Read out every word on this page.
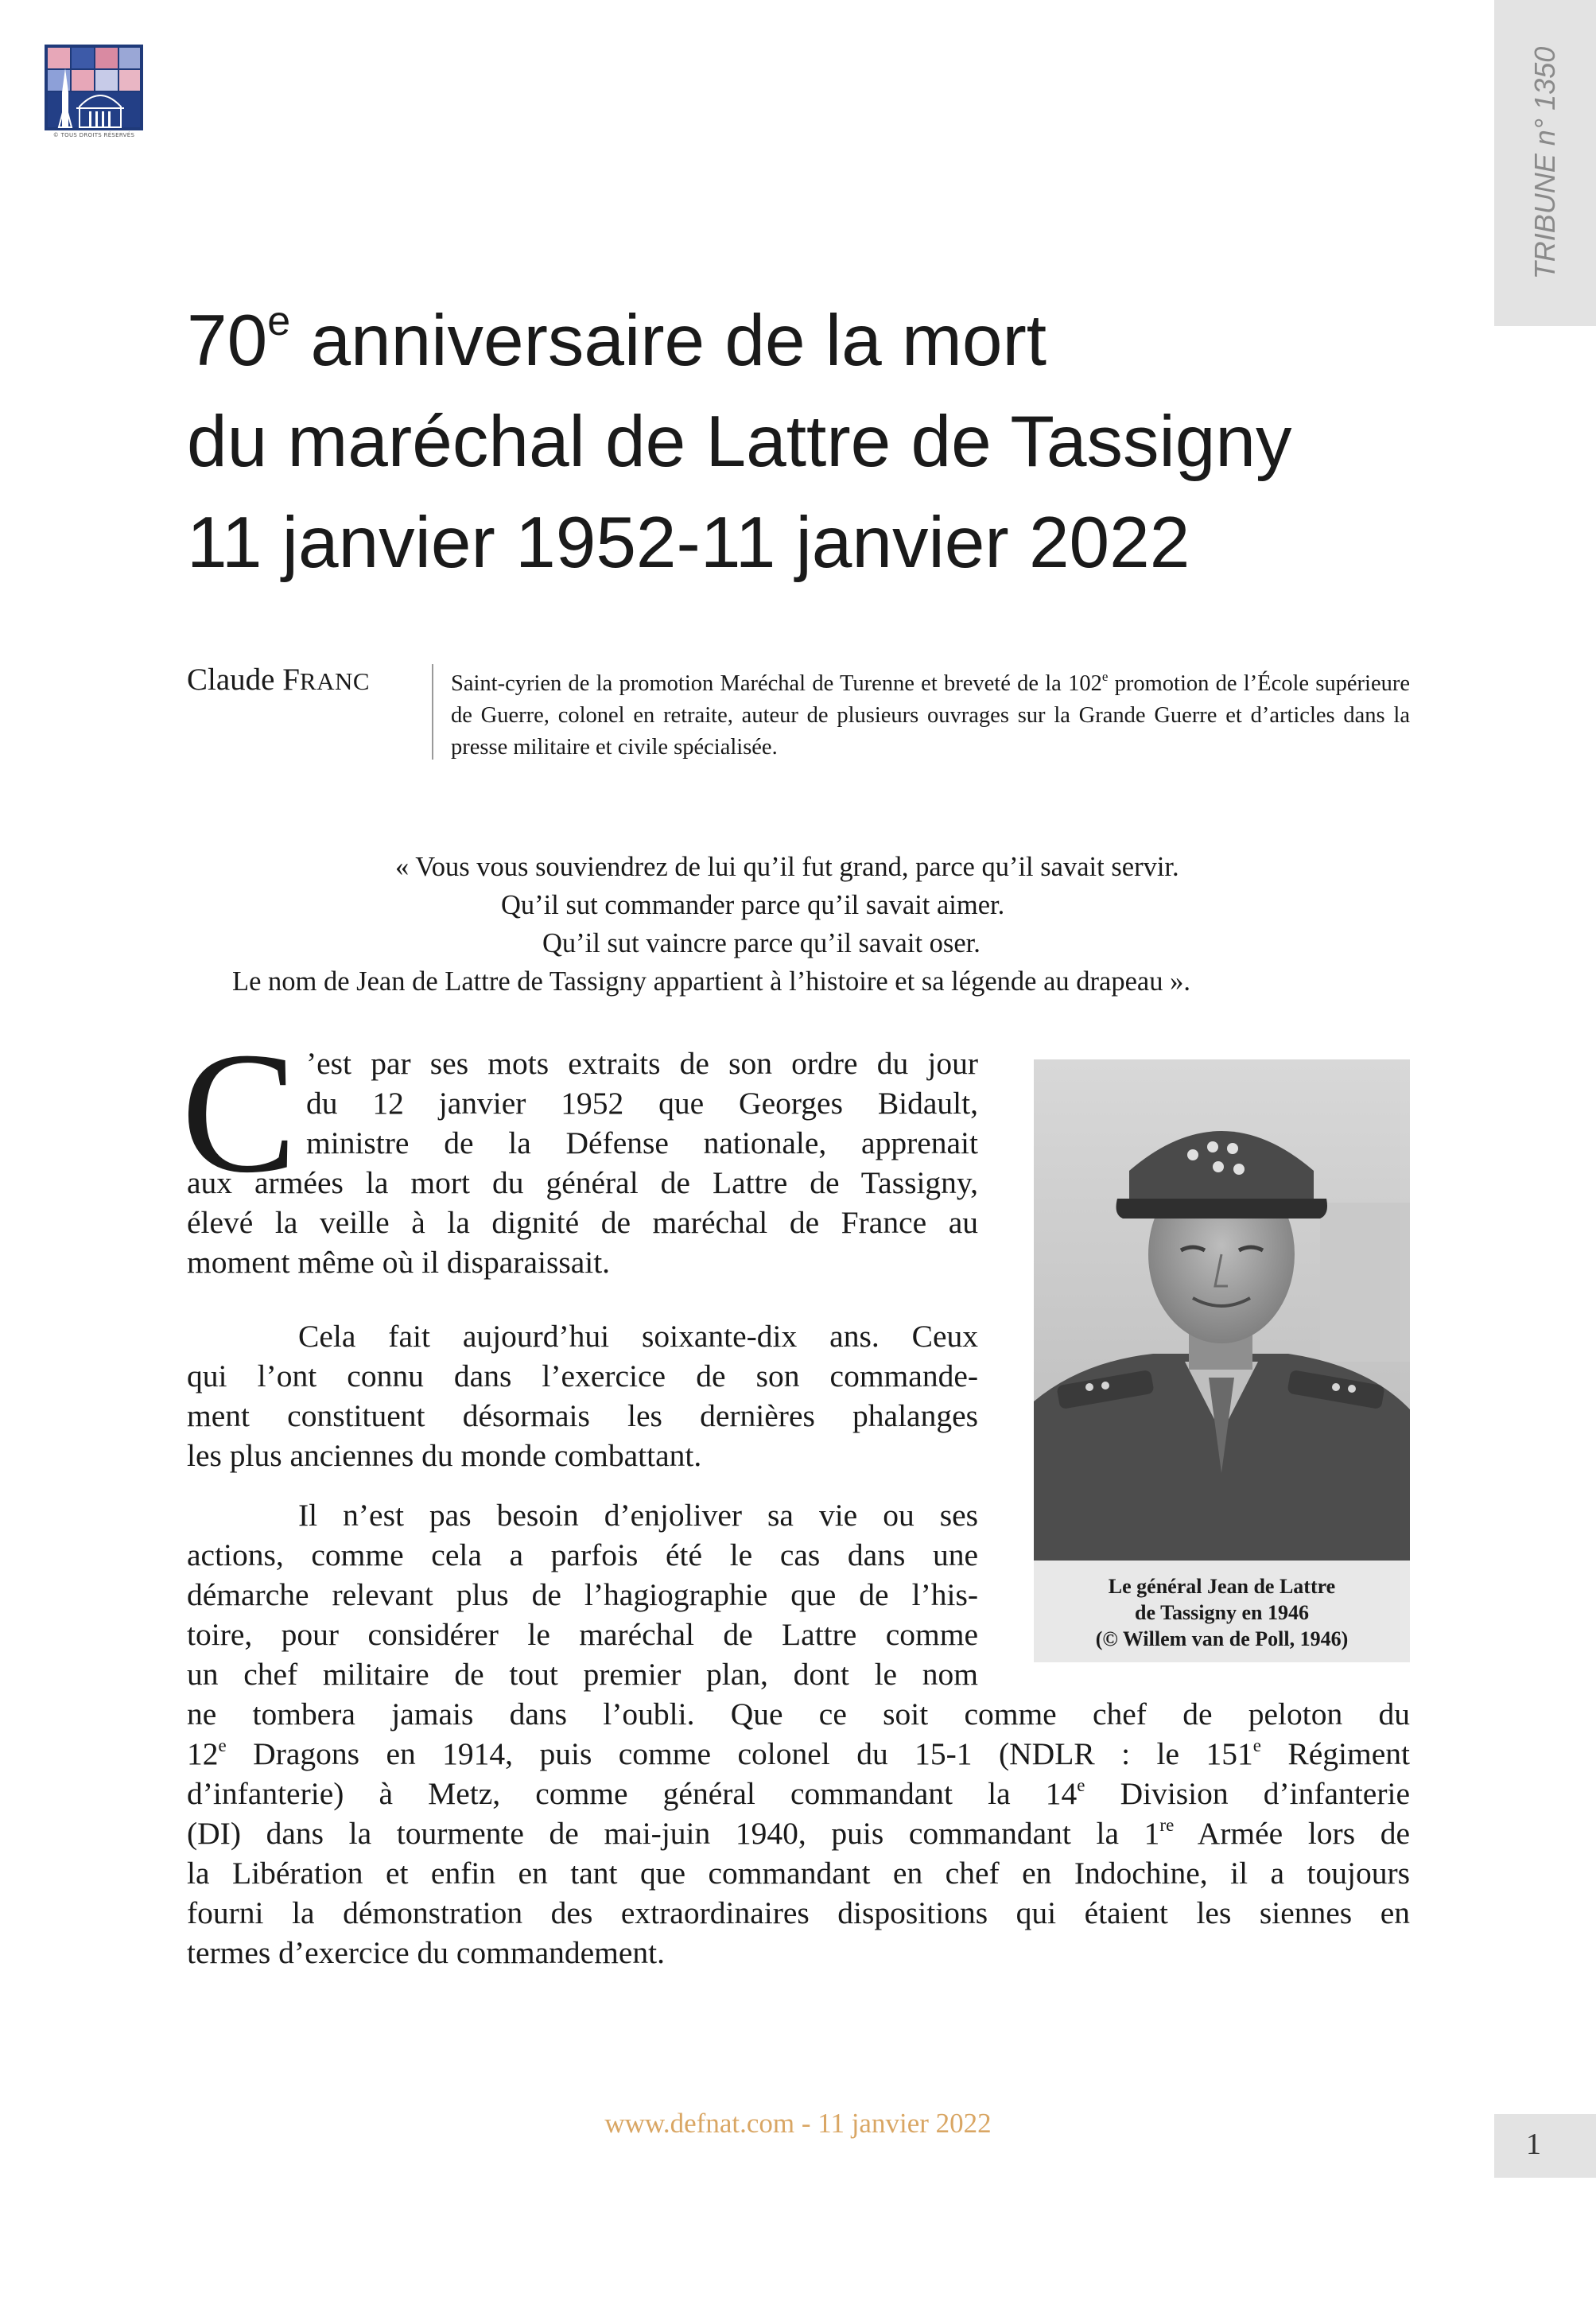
© TOUS DROITS RÉSERVÉS	TRIBUNE n° 1350
70e anniversaire de la mort
du maréchal de Lattre de Tassigny
11 janvier 1952-11 janvier 2022
Claude FRANC	Saint-cyrien de la promotion Maréchal de Turenne et breveté de la 102e promotion de l’École supérieure de Guerre, colonel en retraite, auteur de plusieurs ouvrages sur la Grande Guerre et d’articles dans la presse militaire et civile spécialisée.

« Vous vous souviendrez de lui qu’il fut grand, parce qu’il savait servir.
Qu’il sut commander parce qu’il savait aimer.
Qu’il sut vaincre parce qu’il savait oser.
Le nom de Jean de Lattre de Tassigny appartient à l’histoire et sa légende au drapeau ».
Le général Jean de Lattre
de Tassigny en 1946
(© Willem van de Poll, 1946)
C ’est par ses mots extraits de son ordre du jour
du 12 janvier 1952 que Georges Bidault,
ministre de la Défense nationale, apprenait
aux armées la mort du général de Lattre de Tassigny,
élevé la veille à la dignité de maréchal de France au
moment même où il disparaissait.
Cela fait aujourd’hui soixante-dix ans. Ceux
qui l’ont connu dans l’exercice de son commande-
ment constituent désormais les dernières phalanges
les plus anciennes du monde combattant.
Il n’est pas besoin d’enjoliver sa vie ou ses
actions, comme cela a parfois été le cas dans une
démarche relevant plus de l’hagiographie que de l’his-
toire, pour considérer le maréchal de Lattre comme
un chef militaire de tout premier plan, dont le nom
ne tombera jamais dans l’oubli. Que ce soit comme chef de peloton du
12e Dragons en 1914, puis comme colonel du 15-1 (NDLR : le 151e Régiment
d’infanterie) à Metz, comme général commandant la 14e Division d’infanterie
(DI) dans la tourmente de mai-juin 1940, puis commandant la 1re Armée lors de
la Libération et enfin en tant que commandant en chef en Indochine, il a toujours
fourni la démonstration des extraordinaires dispositions qui étaient les siennes en
termes d’exercice du commandement.
www.defnat.com - 11 janvier 2022
1
